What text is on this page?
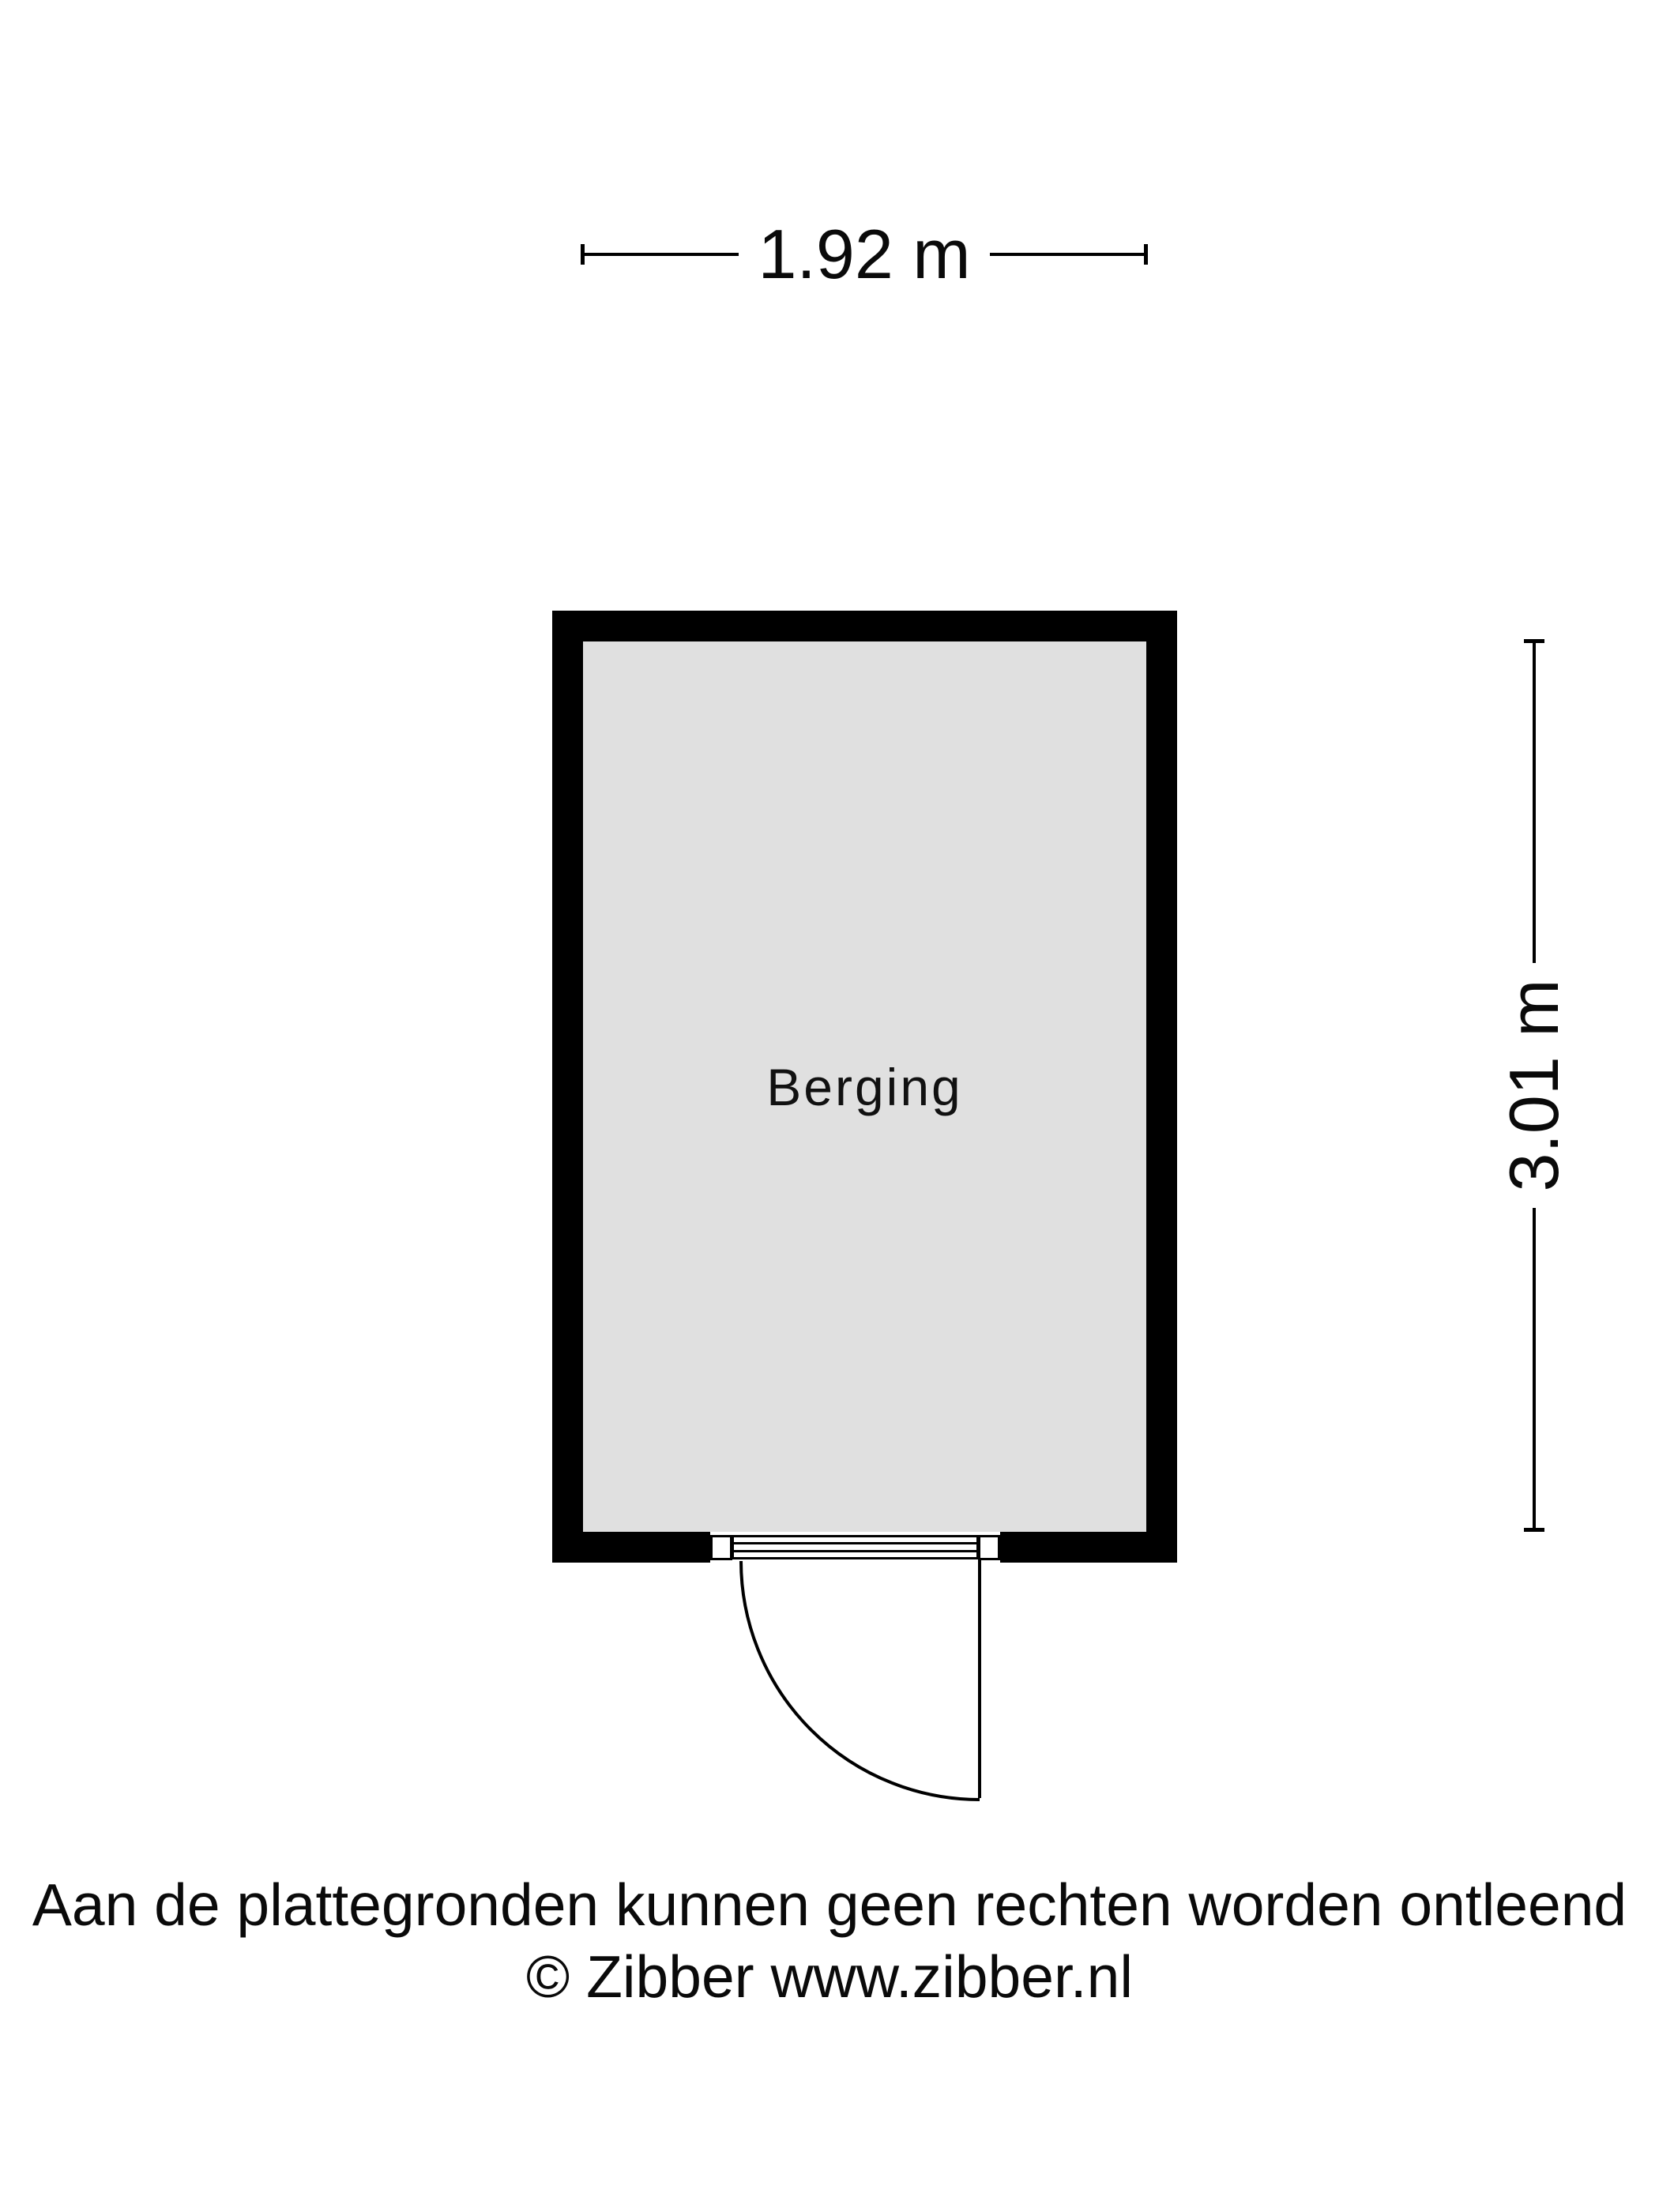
1.92 m
Berging	3.01 m
Aan de plattegronden kunnen geen rechten worden ontleend
© Zibber www.zibber.nl
